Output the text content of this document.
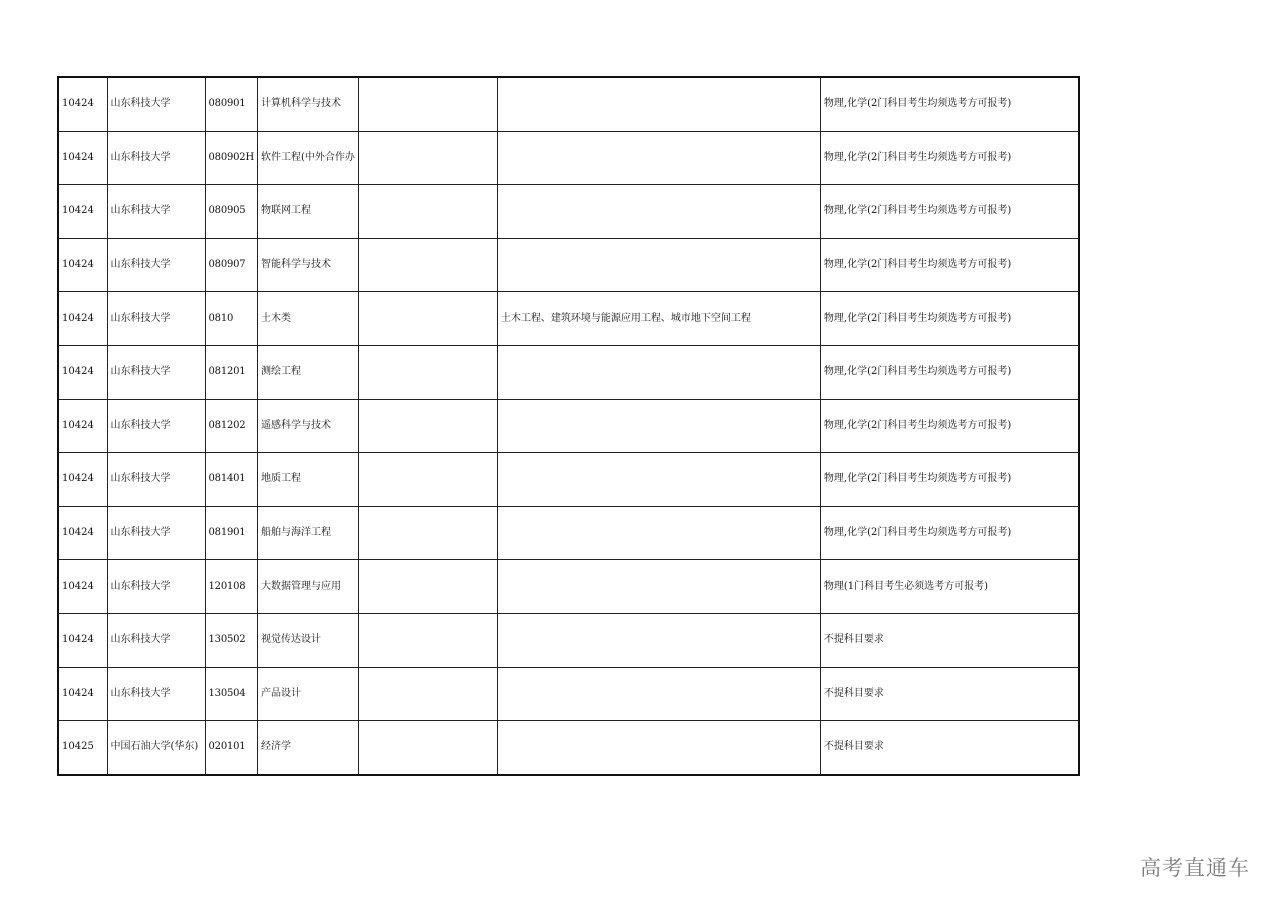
10424	山东科技大学	080901	计算机科学与技术			物理,化学(2门科目考生均须选考方可报考)
10424	山东科技大学	080902H	软件工程(中外合作办			物理,化学(2门科目考生均须选考方可报考)
10424	山东科技大学	080905	物联网工程			物理,化学(2门科目考生均须选考方可报考)
10424	山东科技大学	080907	智能科学与技术			物理,化学(2门科目考生均须选考方可报考)
10424	山东科技大学	0810	土木类		土木工程、建筑环境与能源应用工程、城市地下空间工程	物理,化学(2门科目考生均须选考方可报考)
10424	山东科技大学	081201	测绘工程			物理,化学(2门科目考生均须选考方可报考)
10424	山东科技大学	081202	遥感科学与技术			物理,化学(2门科目考生均须选考方可报考)
10424	山东科技大学	081401	地质工程			物理,化学(2门科目考生均须选考方可报考)
10424	山东科技大学	081901	船舶与海洋工程			物理,化学(2门科目考生均须选考方可报考)
10424	山东科技大学	120108	大数据管理与应用			物理(1门科目考生必须选考方可报考)
10424	山东科技大学	130502	视觉传达设计			不提科目要求
10424	山东科技大学	130504	产品设计			不提科目要求
10425	中国石油大学(华东)	020101	经济学			不提科目要求
高考直通车
